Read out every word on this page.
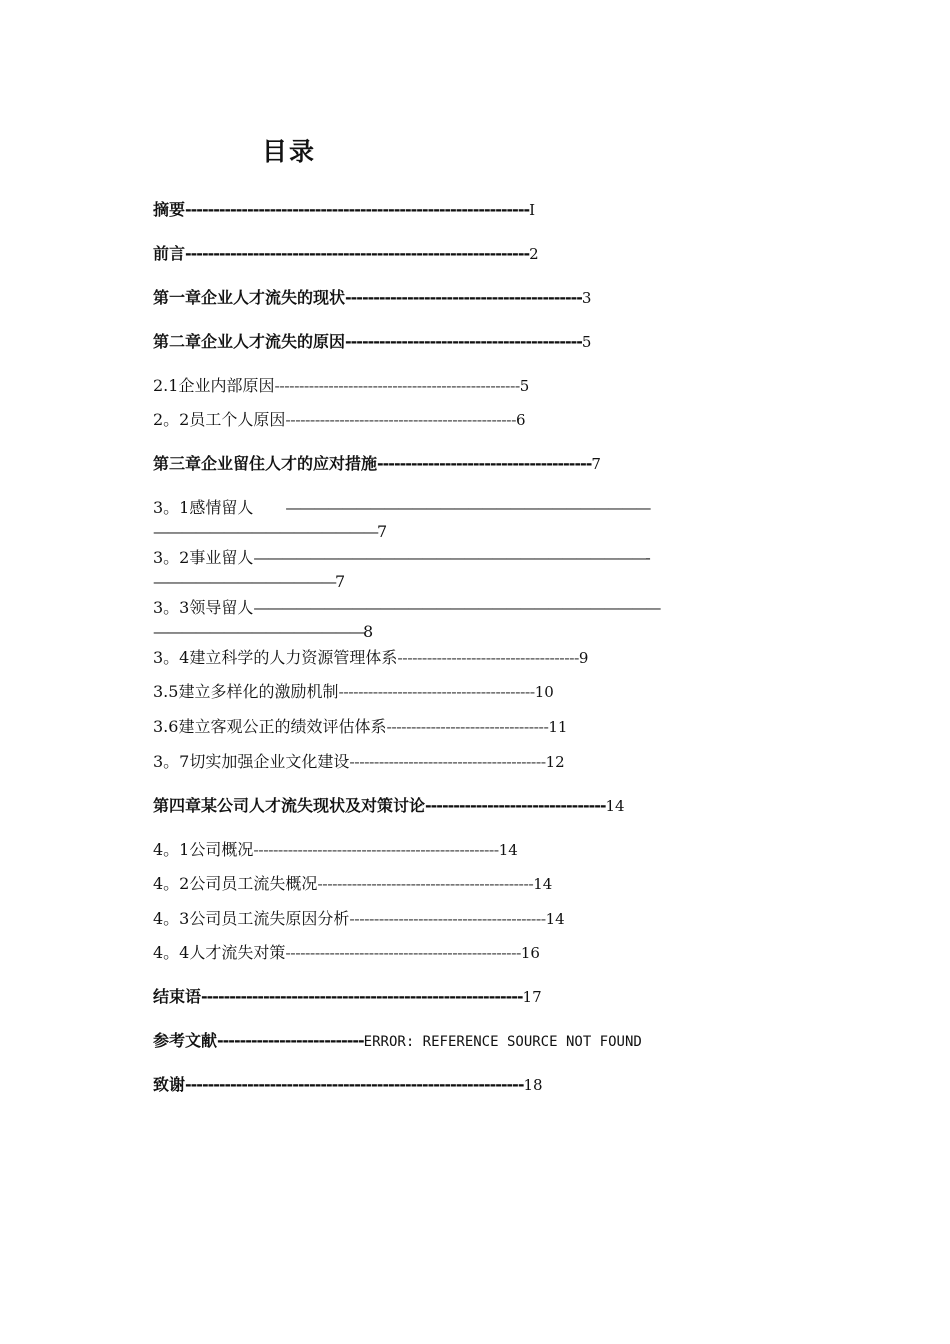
目录
摘要-------------------------------------------------------------I
前言-------------------------------------------------------------2
第一章企业人才流失的现状------------------------------------------3
第二章企业人才流失的原因------------------------------------------5
2.1企业内部原因--------------------------------------------------5
2。2员工个人原因-----------------------------------------------6
第三章企业留住人才的应对措施--------------------------------------7
3。1感情留人 ——————————————————————————
————————————————7
3。2事业留人————————————————————————————-
—————————————7
3。3领导留人—————————————————————————————
———————————————8
3。4建立科学的人力资源管理体系-------------------------------------9
3.5建立多样化的激励机制----------------------------------------10
3.6建立客观公正的绩效评估体系---------------------------------11
3。7切实加强企业文化建设----------------------------------------12
第四章某公司人才流失现状及对策讨论--------------------------------14
4。1公司概况--------------------------------------------------14
4。2公司员工流失概况--------------------------------------------14
4。3公司员工流失原因分析----------------------------------------14
4。4人才流失对策------------------------------------------------16
结束语---------------------------------------------------------17
参考文献--------------------------ERROR: REFERENCE SOURCE NOT FOUND
致谢------------------------------------------------------------18
